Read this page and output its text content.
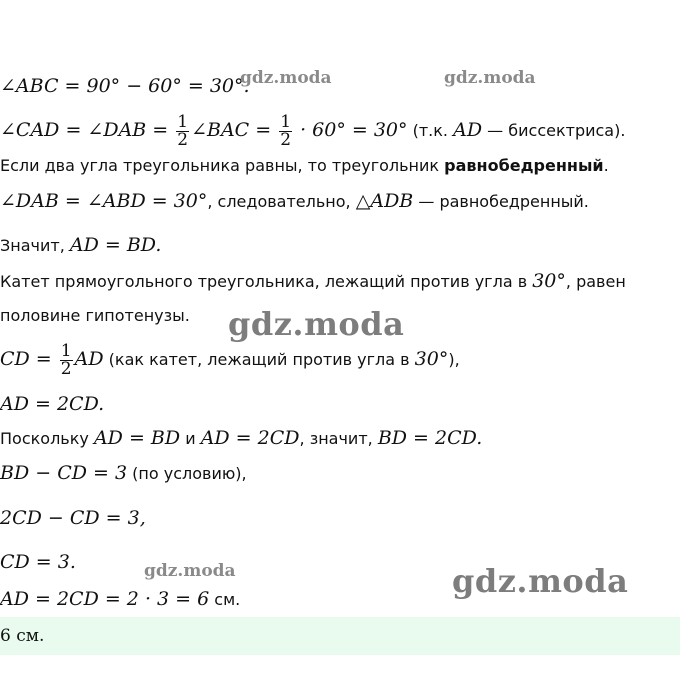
∠ABC = 90° − 60° = 30°.
∠CAD = ∠DAB = $\frac{1}{2}$ ∠BAC = $\frac{1}{2} \cdot 60^\circ = 30^\circ$ (т.к. AD — биссектриса).
Если два угла треугольника равны, то треугольник равнобедренный.
∠DAB = ∠ABD = 30°, следовательно, △ADB — равнобедренный.
Значит, AD = BD.
Катет прямоугольного треугольника, лежащий против угла в 30°, равен
половине гипотенузы.
CD = $\frac{1}{2}$ AD (как катет, лежащий против угла в 30°),
AD = 2CD.
Поскольку AD = BD и AD = 2CD, значит, BD = 2CD.
BD − CD = 3 (по условию),
2CD − CD = 3,
CD = 3.
AD = 2CD = 2 · 3 = 6 см.
6 см.
gdz.moda	gdz.moda
gdz.moda
gdz.moda	gdz.moda
